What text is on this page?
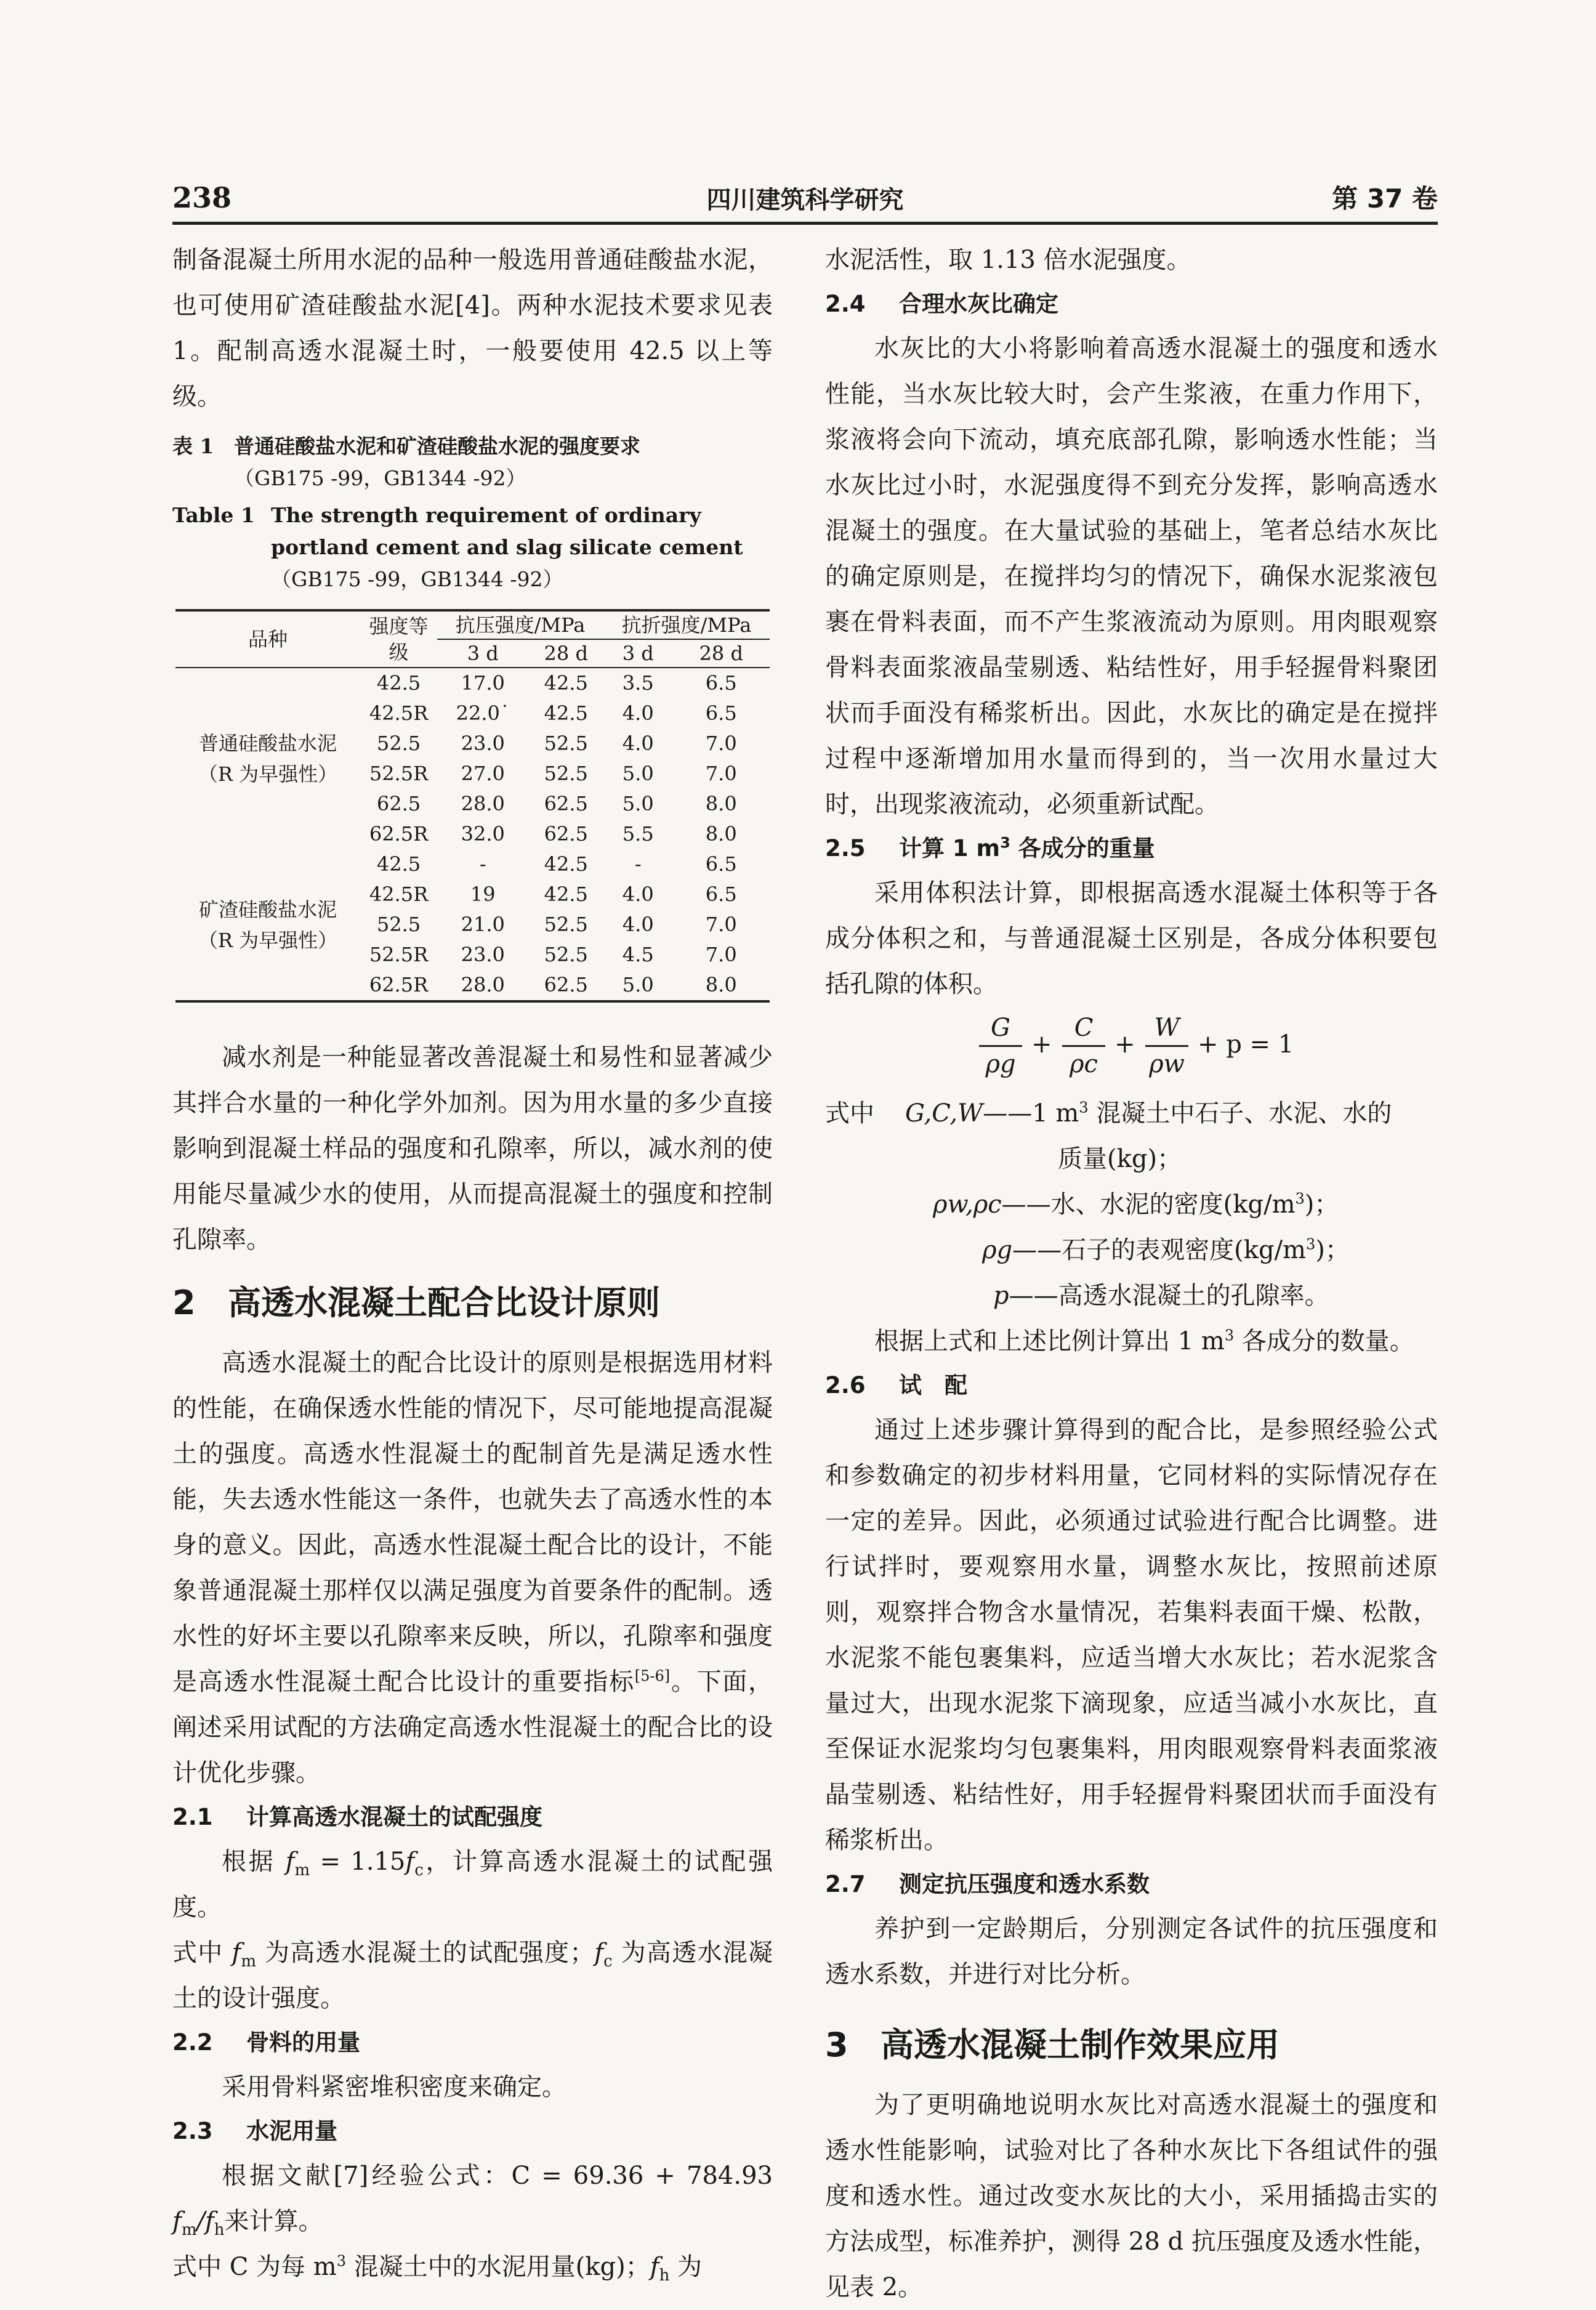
238	四川建筑科学研究	第 37 卷

制备混凝土所用水泥的品种一般选用普通硅酸盐水泥，也可使用矿渣硅酸盐水泥[4]。两种水泥技术要求见表 1。配制高透水混凝土时，一般要使用 42.5 以上等级。

表 1 普通硅酸盐水泥和矿渣硅酸盐水泥的强度要求
（GB175 -99，GB1344 -92）
Table 1 The strength requirement of ordinary portland cement and slag silicate cement
（GB175 -99，GB1344 -92）
品种	强度等级	抗压强度/MPa		抗折强度/MPa	
		3 d	28 d	3 d	28 d

普通硅酸盐水泥
（R 为早强性）	42.5	17.0	42.5	3.5	6.5
	42.5R	22.0˙	42.5	4.0	6.5
	52.5	23.0	52.5	4.0	7.0
	52.5R	27.0	52.5	5.0	7.0
	62.5	28.0	62.5	5.0	8.0
	62.5R	32.0	62.5	5.5	8.0

矿渣硅酸盐水泥
（R 为早强性）	42.5	-	42.5	-	6.5
	42.5R	19	42.5	4.0	6.5
	52.5	21.0	52.5	4.0	7.0
	52.5R	23.0	52.5	4.5	7.0
	62.5R	28.0	62.5	5.0	8.0

减水剂是一种能显著改善混凝土和易性和显著减少其拌合水量的一种化学外加剂。因为用水量的多少直接影响到混凝土样品的强度和孔隙率，所以，减水剂的使用能尽量减少水的使用，从而提高混凝土的强度和控制孔隙率。

2 高透水混凝土配合比设计原则

高透水混凝土的配合比设计的原则是根据选用材料的性能，在确保透水性能的情况下，尽可能地提高混凝土的强度。高透水性混凝土的配制首先是满足透水性能，失去透水性能这一条件，也就失去了高透水性的本身的意义。因此，高透水性混凝土配合比的设计，不能象普通混凝土那样仅以满足强度为首要条件的配制。透水性的好坏主要以孔隙率来反映，所以，孔隙率和强度是高透水性混凝土配合比设计的重要指标[5-6]。下面，阐述采用试配的方法确定高透水性混凝土的配合比的设计优化步骤。

2.1 计算高透水混凝土的试配强度

根据 $f_m = 1.15f_c$，计算高透水混凝土的试配强度。

式中 $f_m$ 为高透水混凝土的试配强度；$f_c$ 为高透水混凝土的设计强度。

2.2 骨料的用量

采用骨料紧密堆积密度来确定。

2.3 水泥用量

根据文献[7]经验公式：C = 69.36 + 784.93 $f_m/f_h$来计算。

式中 C 为每 $m^3$ 混凝土中的水泥用量(kg)；$f_h$ 为

水泥活性，取 1.13 倍水泥强度。

2.4 合理水灰比确定

水灰比的大小将影响着高透水混凝土的强度和透水性能，当水灰比较大时，会产生浆液，在重力作用下，浆液将会向下流动，填充底部孔隙，影响透水性能；当水灰比过小时，水泥强度得不到充分发挥，影响高透水混凝土的强度。在大量试验的基础上，笔者总结水灰比的确定原则是，在搅拌均匀的情况下，确保水泥浆液包裹在骨料表面，而不产生浆液流动为原则。用肉眼观察骨料表面浆液晶莹剔透、粘结性好，用手轻握骨料聚团状而手面没有稀浆析出。因此，水灰比的确定是在搅拌过程中逐渐增加用水量而得到的，当一次用水量过大时，出现浆液流动，必须重新试配。

2.5 计算 1 $m^3$ 各成分的重量

采用体积法计算，即根据高透水混凝土体积等于各成分体积之和，与普通混凝土区别是，各成分体积要包括孔隙的体积。

$\frac{G}{\rho g} + \frac{C}{\rho c} + \frac{W}{\rho w} + p = 1$
式中	G,C,W—— 1 $m^3$ 混凝土中石子、水泥、水的
质量(kg)；
ρw,ρc—— 水、水泥的密度$(kg/m^3)$；
ρg—— 石子的表观密度$(kg/m^3)$；
p—— 高透水混凝土的孔隙率。

根据上式和上述比例计算出 1 $m^3$ 各成分的数量。

2.6 试　配

通过上述步骤计算得到的配合比，是参照经验公式和参数确定的初步材料用量，它同材料的实际情况存在一定的差异。因此，必须通过试验进行配合比调整。进行试拌时，要观察用水量，调整水灰比，按照前述原则，观察拌合物含水量情况，若集料表面干燥、松散，水泥浆不能包裹集料，应适当增大水灰比；若水泥浆含量过大，出现水泥浆下滴现象，应适当减小水灰比，直至保证水泥浆均匀包裹集料，用肉眼观察骨料表面浆液晶莹剔透、粘结性好，用手轻握骨料聚团状而手面没有稀浆析出。

2.7 测定抗压强度和透水系数

养护到一定龄期后，分别测定各试件的抗压强度和透水系数，并进行对比分析。

3 高透水混凝土制作效果应用

为了更明确地说明水灰比对高透水混凝土的强度和透水性能影响，试验对比了各种水灰比下各组试件的强度和透水性。通过改变水灰比的大小，采用插捣击实的方法成型，标准养护，测得 28 d 抗压强度及透水性能，见表 2。
